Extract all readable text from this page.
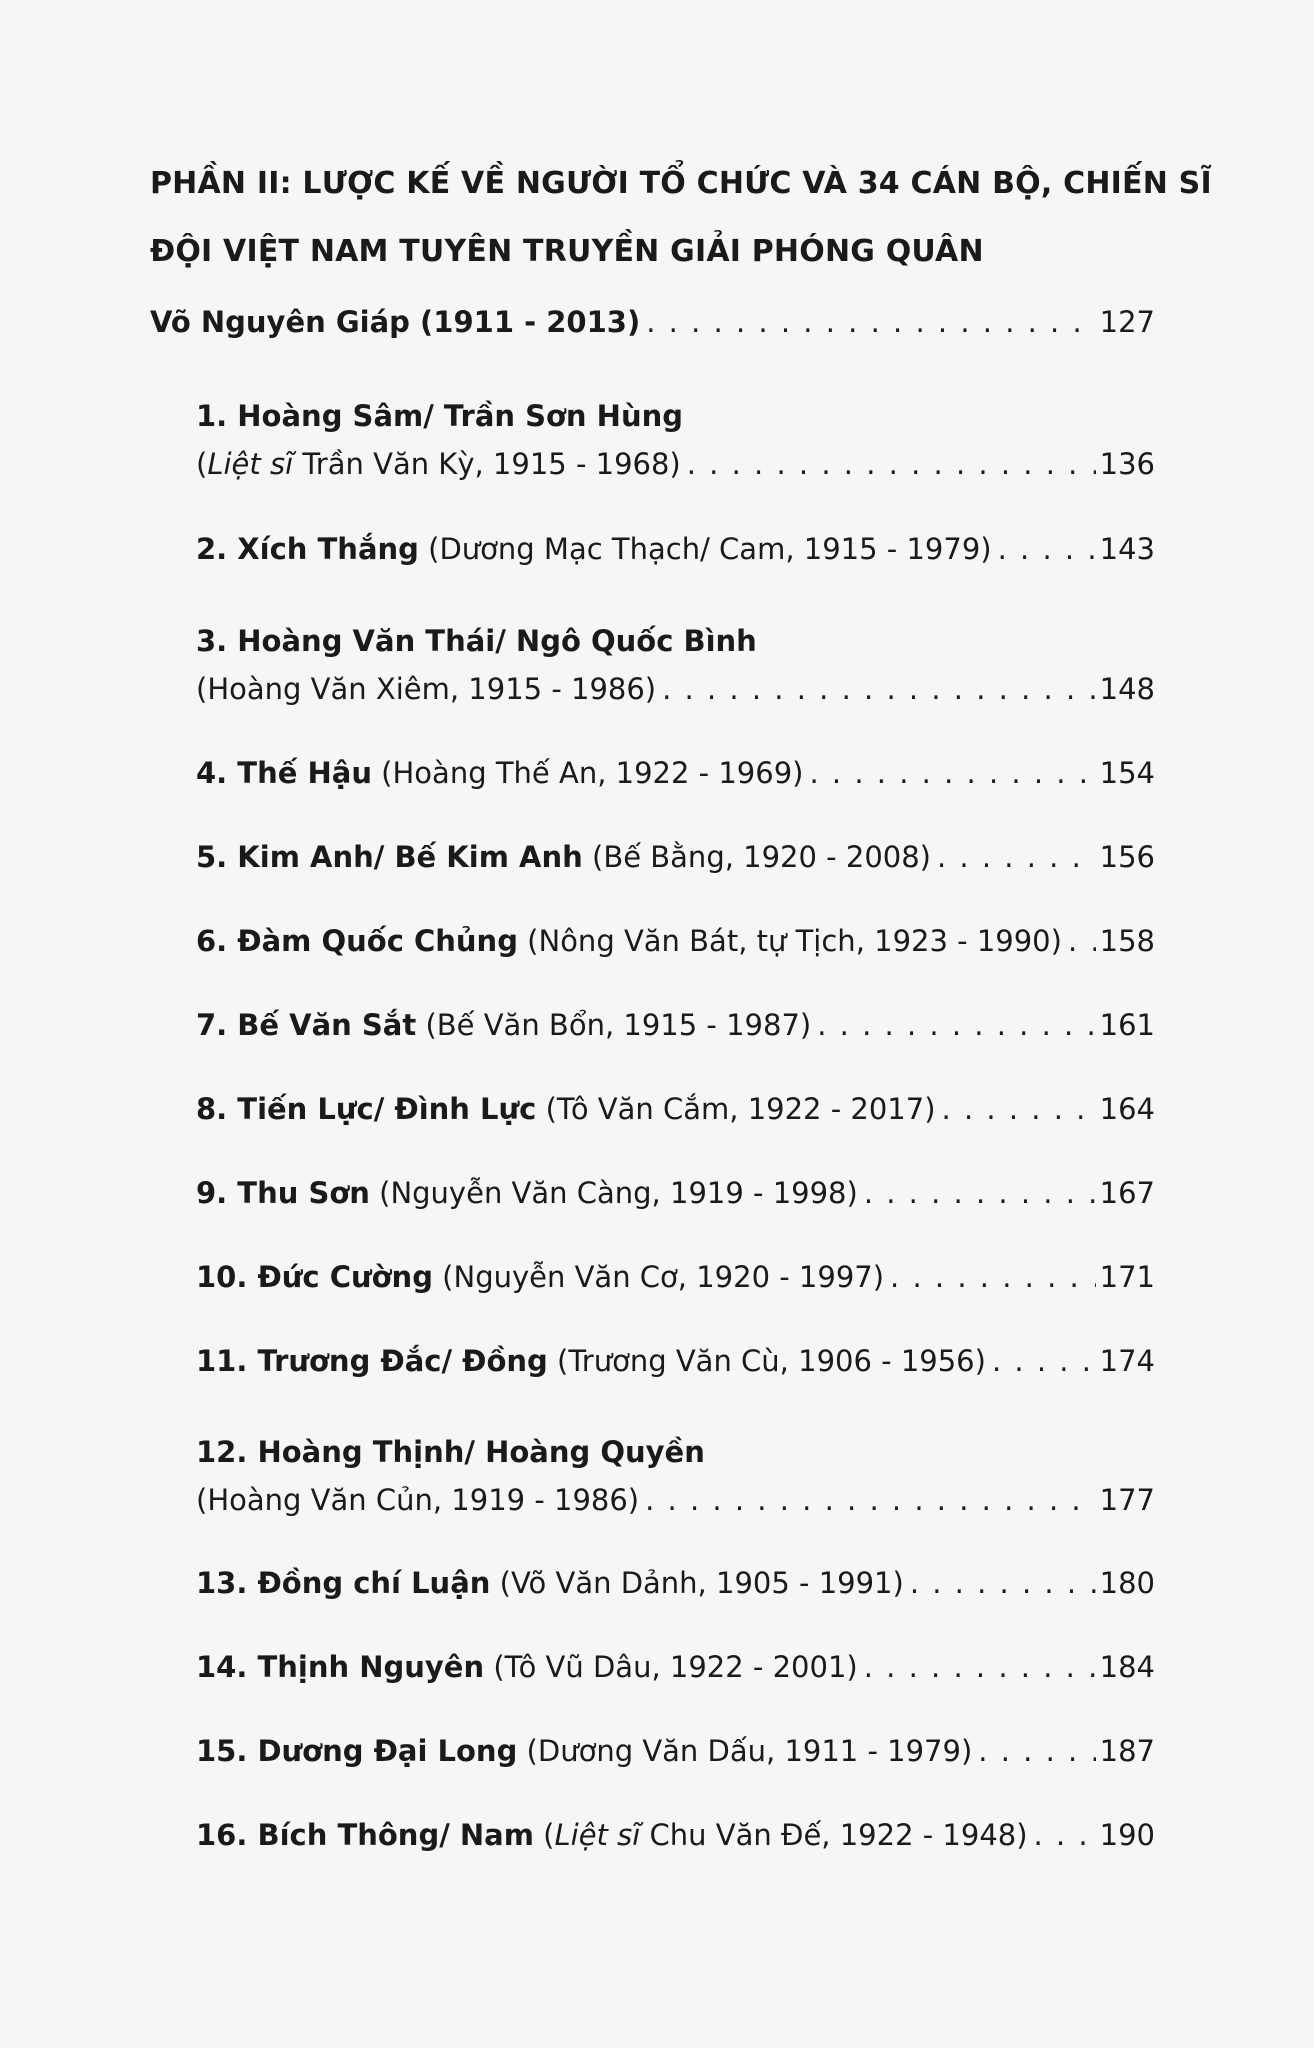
PHẦN II: LƯỢC KẾ VỀ NGƯỜI TỔ CHỨC VÀ 34 CÁN BỘ, CHIẾN SĨ
ĐỘI VIỆT NAM TUYÊN TRUYỀN GIẢI PHÓNG QUÂN
Võ Nguyên Giáp (1911 - 2013) . . .	127
1. Hoàng Sâm/ Trần Sơn Hùng
(Liệt sĩ Trần Văn Kỳ, 1915 - 1968) . . .	136
2. Xích Thắng (Dương Mạc Thạch/ Cam, 1915 - 1979) . . .	143
3. Hoàng Văn Thái/ Ngô Quốc Bình
(Hoàng Văn Xiêm, 1915 - 1986) . . .	148
4. Thế Hậu (Hoàng Thế An, 1922 - 1969) . . .	154
5. Kim Anh/ Bế Kim Anh (Bế Bằng, 1920 - 2008) . . .	156
6. Đàm Quốc Chủng (Nông Văn Bát, tự Tịch, 1923 - 1990) . . . 158
7. Bế Văn Sắt (Bế Văn Bổn, 1915 - 1987) . . .	161
8. Tiến Lực/ Đình Lực (Tô Văn Cắm, 1922 - 2017) . . .	164
9. Thu Sơn (Nguyễn Văn Càng, 1919 - 1998) . . .	167
10. Đức Cường (Nguyễn Văn Cơ, 1920 - 1997) . . .	171
11. Trương Đắc/ Đồng (Trương Văn Cù, 1906 - 1956) . . .	174
12. Hoàng Thịnh/ Hoàng Quyền
(Hoàng Văn Củn, 1919 - 1986) . . .	177
13. Đồng chí Luận (Võ Văn Dảnh, 1905 - 1991) . . .	180
14. Thịnh Nguyên (Tô Vũ Dâu, 1922 - 2001) . . .	184
15. Dương Đại Long (Dương Văn Dấu, 1911 - 1979) . . .	187
16. Bích Thông/ Nam (Liệt sĩ Chu Văn Đế, 1922 - 1948) . . . 190
